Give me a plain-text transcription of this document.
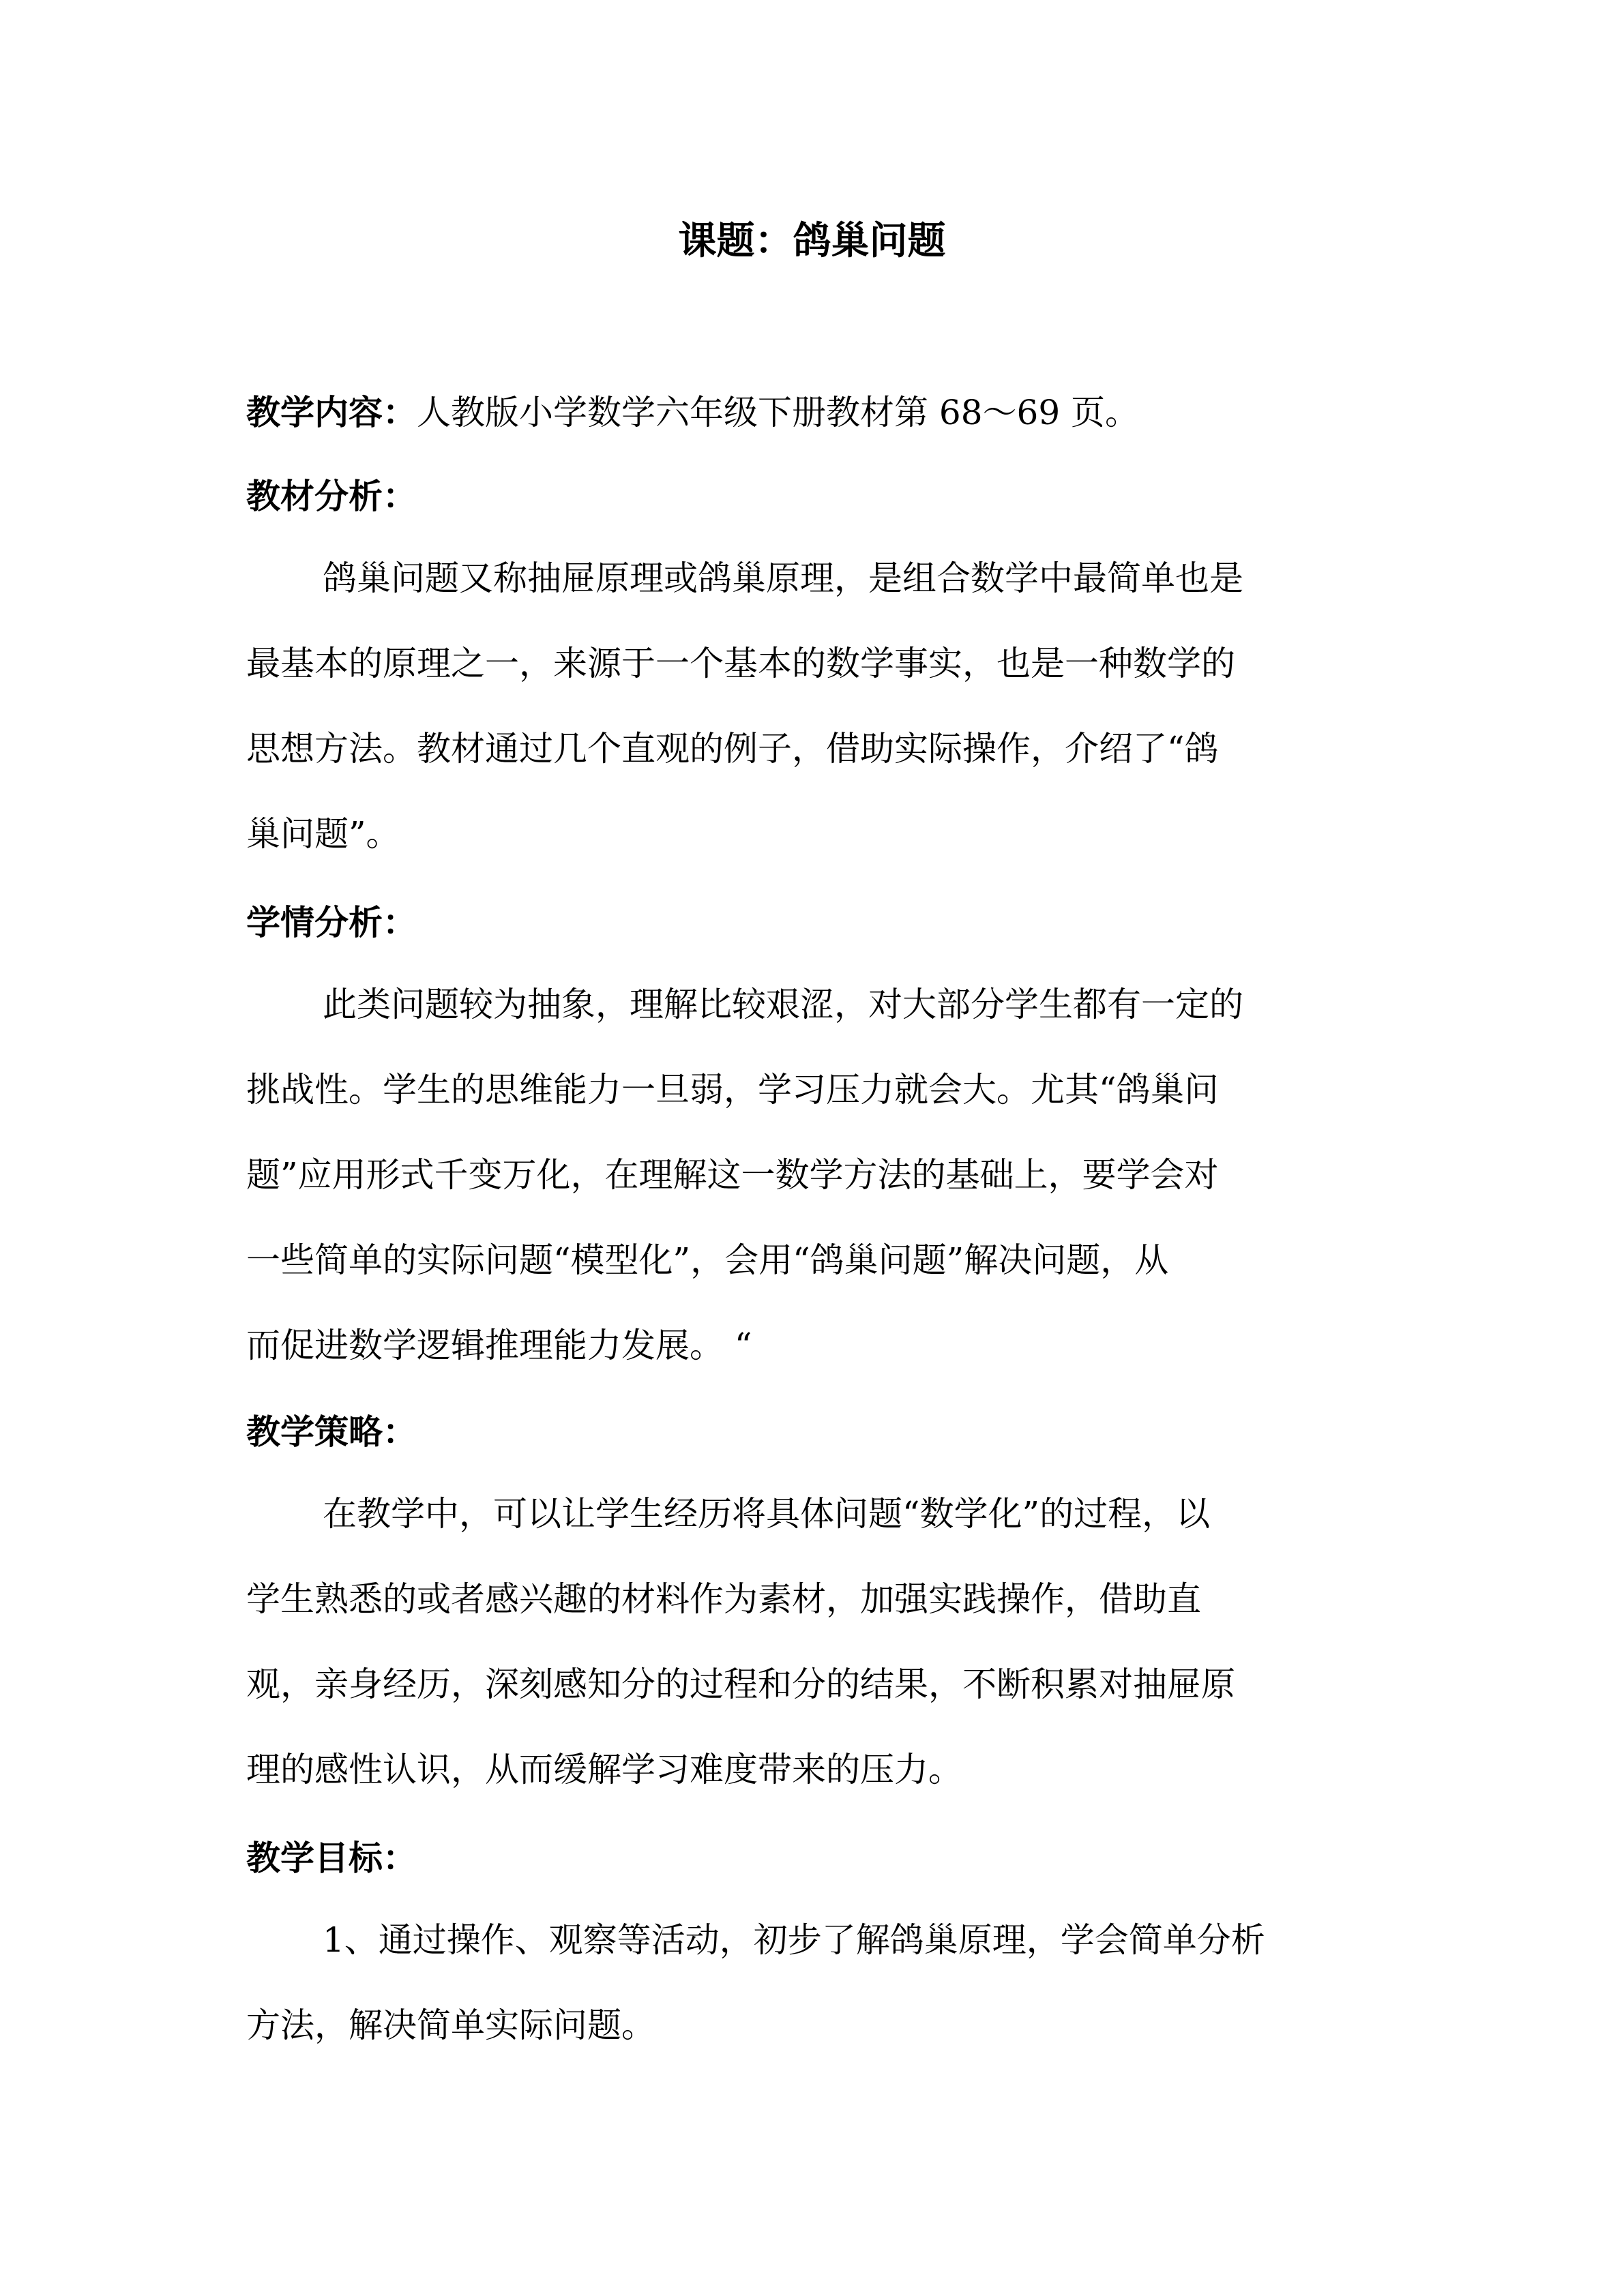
课题：鸽巢问题
教学内容：人教版小学数学六年级下册教材第 68～69 页。
教材分析：
鸽巢问题又称抽屉原理或鸽巢原理，是组合数学中最简单也是
最基本的原理之一，来源于一个基本的数学事实，也是一种数学的
思想方法。教材通过几个直观的例子，借助实际操作，介绍了“鸽
巢问题”。
学情分析：
此类问题较为抽象，理解比较艰涩，对大部分学生都有一定的
挑战性。学生的思维能力一旦弱，学习压力就会大。尤其“鸽巢问
题”应用形式千变万化，在理解这一数学方法的基础上，要学会对
一些简单的实际问题“模型化”，会用“鸽巢问题”解决问题，从
而促进数学逻辑推理能力发展。 “
教学策略：
在教学中，可以让学生经历将具体问题“数学化”的过程，以
学生熟悉的或者感兴趣的材料作为素材，加强实践操作，借助直
观，亲身经历，深刻感知分的过程和分的结果，不断积累对抽屉原
理的感性认识，从而缓解学习难度带来的压力。
教学目标：
1、通过操作、观察等活动，初步了解鸽巢原理，学会简单分析
方法，解决简单实际问题。
